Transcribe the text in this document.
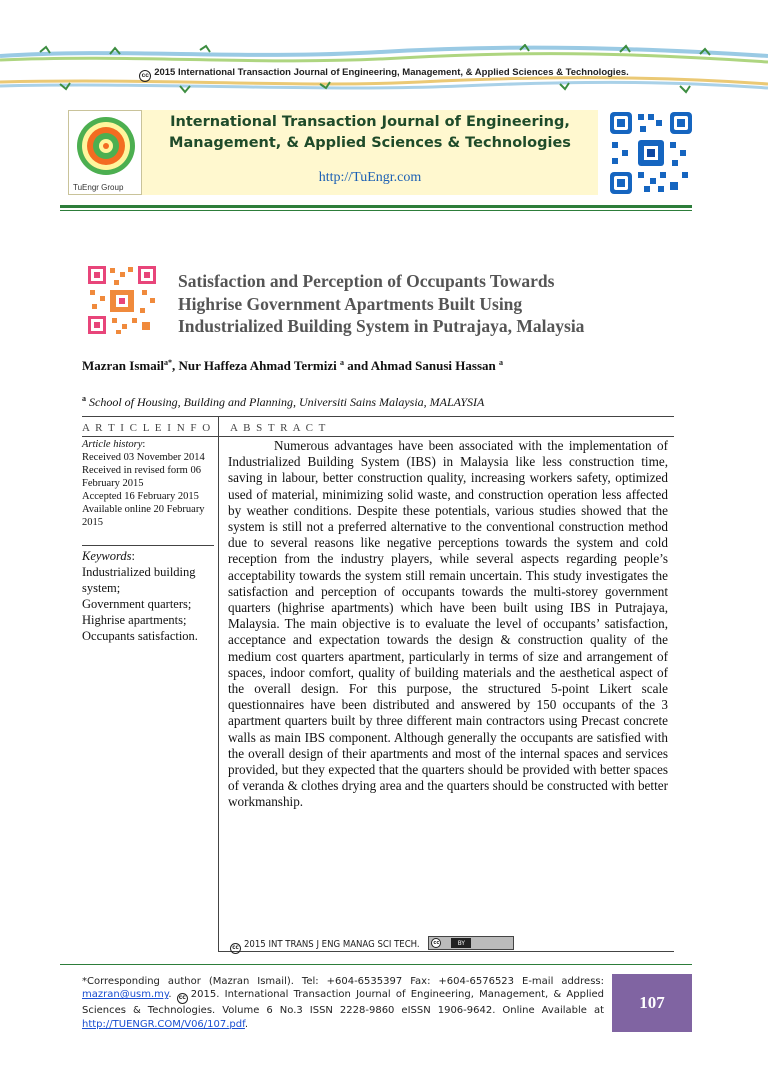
cc 2015 International Transaction Journal of Engineering, Management, & Applied Sciences & Technologies.
TuEngr Group
International Transaction Journal of Engineering,
Management, & Applied Sciences & Technologies
http://TuEngr.com
Satisfaction and Perception of Occupants Towards
Highrise Government Apartments Built Using
Industrialized Building System in Putrajaya, Malaysia
Mazran Ismail$^{a*}$, Nur Haffeza Ahmad Termizi $^a$ and Ahmad Sanusi Hassan $^a$
$^a$ School of Housing, Building and Planning, Universiti Sains Malaysia, MALAYSIA
A R T I C L E I N F O A B S T R A C T
Article history:
Received 03 November 2014
Received in revised form 06 February 2015
Accepted 16 February 2015
Available online 20 February 2015
Keywords:
Industrialized building system;
Government quarters;
Highrise apartments;
Occupants satisfaction.
Numerous advantages have been associated with the implementation of Industrialized Building System (IBS) in Malaysia like less construction time, saving in labour, better construction quality, increasing workers safety, optimized used of material, minimizing solid waste, and construction operation less affected by weather conditions. Despite these potentials, various studies showed that the system is still not a preferred alternative to the conventional construction method due to several reasons like negative perceptions towards the system and cold reception from the industry players, while several aspects regarding people’s acceptability towards the system still remain uncertain. This study investigates the satisfaction and perception of occupants towards the multi-storey government quarters (highrise apartments) which have been built using IBS in Putrajaya, Malaysia. The main objective is to evaluate the level of occupants’ satisfaction, acceptance and expectation towards the design & construction quality of the medium cost quarters apartment, particularly in terms of size and arrangement of spaces, indoor comfort, quality of building materials and the aesthetical aspect of the overall design. For this purpose, the structured 5-point Likert scale questionnaires have been distributed and answered by 150 occupants of the 3 apartment quarters built by three different main contractors using Precast concrete walls as main IBS component. Although generally the occupants are satisfied with the overall design of their apartments and most of the internal spaces and services provided, but they expected that the quarters should be provided with better spaces of veranda & clothes drying area and the quarters should be constructed with better workmanship.
cc 2015 INT TRANS J ENG MANAG SCI TECH.	cc	BY
*Corresponding author (Mazran Ismail). Tel: +604-6535397 Fax: +604-6576523 E-mail address: mazran@usm.my. cc 2015. International Transaction Journal of Engineering, Management, & Applied Sciences & Technologies. Volume 6 No.3 ISSN 2228-9860 eISSN 1906-9642. Online Available at http://TUENGR.COM/V06/107.pdf.
107
